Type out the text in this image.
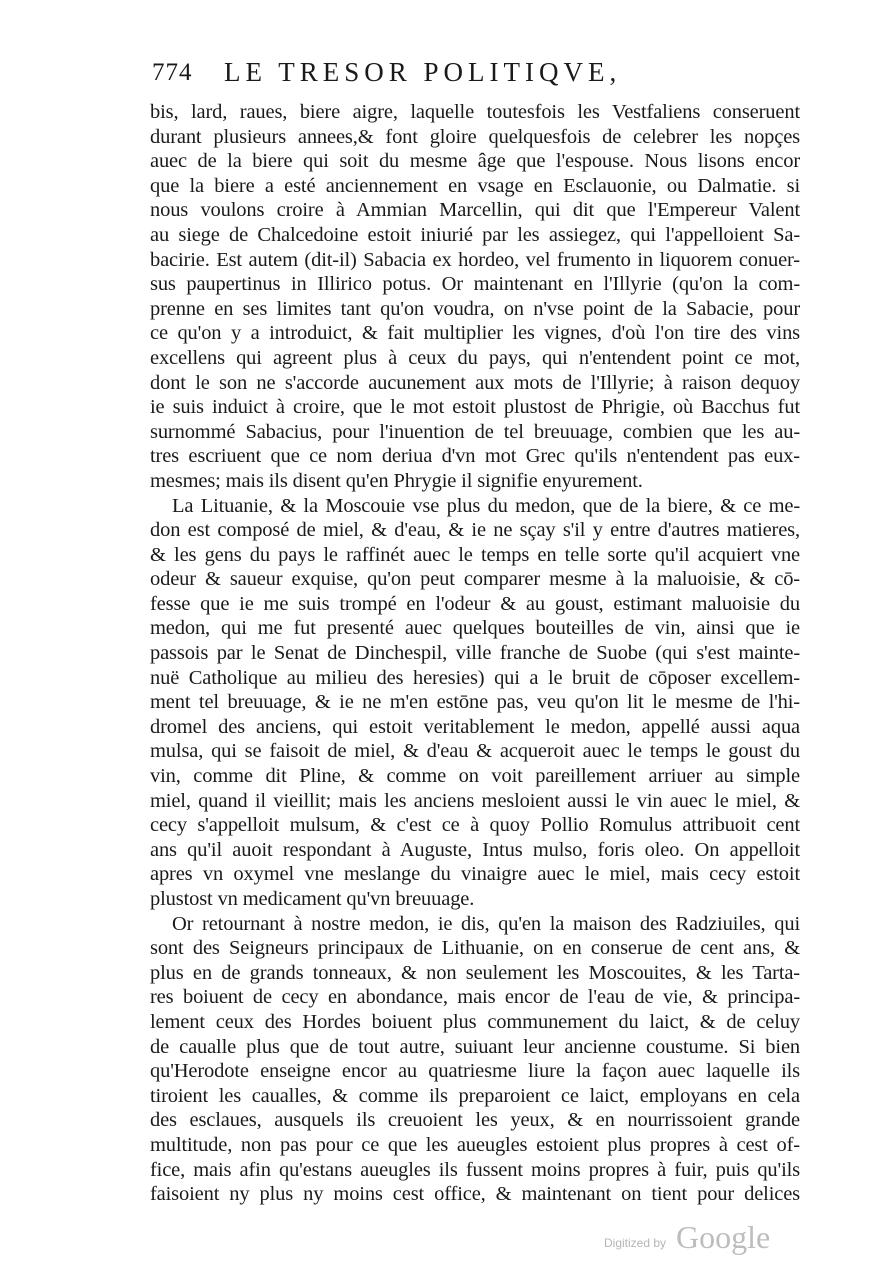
774 LE TRESOR POLITIQVE,
bis, lard, raues, biere aigre, laquelle toutesfois les Vestfaliens conseruent
durant plusieurs annees,& font gloire quelquesfois de celebrer les nopçes
auec de la biere qui soit du mesme âge que l'espouse. Nous lisons encor
que la biere a esté anciennement en vsage en Esclauonie, ou Dalmatie. si
nous voulons croire à Ammian Marcellin, qui dit que l'Empereur Valent
au siege de Chalcedoine estoit iniurié par les assiegez, qui l'appelloient Sa-
bacirie. Est autem (dit-il) Sabacia ex hordeo, vel frumento in liquorem conuer-
sus paupertinus in Illirico potus. Or maintenant en l'Illyrie (qu'on la com-
prenne en ses limites tant qu'on voudra, on n'vse point de la Sabacie, pour
ce qu'on y a introduict, & fait multiplier les vignes, d'où l'on tire des vins
excellens qui agreent plus à ceux du pays, qui n'entendent point ce mot,
dont le son ne s'accorde aucunement aux mots de l'Illyrie; à raison dequoy
ie suis induict à croire, que le mot estoit plustost de Phrigie, où Bacchus fut
surnommé Sabacius, pour l'inuention de tel breuuage, combien que les au-
tres escriuent que ce nom deriua d'vn mot Grec qu'ils n'entendent pas eux-
mesmes; mais ils disent qu'en Phrygie il signifie enyurement.
La Lituanie, & la Moscouie vse plus du medon, que de la biere, & ce me-
don est composé de miel, & d'eau, & ie ne sçay s'il y entre d'autres matieres,
& les gens du pays le raffinét auec le temps en telle sorte qu'il acquiert vne
odeur & saueur exquise, qu'on peut comparer mesme à la maluoisie, & cō-
fesse que ie me suis trompé en l'odeur & au goust, estimant maluoisie du
medon, qui me fut presenté auec quelques bouteilles de vin, ainsi que ie
passois par le Senat de Dinchespil, ville franche de Suobe (qui s'est mainte-
nuë Catholique au milieu des heresies) qui a le bruit de cōposer excellem-
ment tel breuuage, & ie ne m'en estōne pas, veu qu'on lit le mesme de l'hi-
dromel des anciens, qui estoit veritablement le medon, appellé aussi aqua
mulsa, qui se faisoit de miel, & d'eau & acqueroit auec le temps le goust du
vin, comme dit Pline, & comme on voit pareillement arriuer au simple
miel, quand il vieillit; mais les anciens mesloient aussi le vin auec le miel, &
cecy s'appelloit mulsum, & c'est ce à quoy Pollio Romulus attribuoit cent
ans qu'il auoit respondant à Auguste, Intus mulso, foris oleo. On appelloit
apres vn oxymel vne meslange du vinaigre auec le miel, mais cecy estoit
plustost vn medicament qu'vn breuuage.
Or retournant à nostre medon, ie dis, qu'en la maison des Radziuiles, qui
sont des Seigneurs principaux de Lithuanie, on en conserue de cent ans, &
plus en de grands tonneaux, & non seulement les Moscouites, & les Tarta-
res boiuent de cecy en abondance, mais encor de l'eau de vie, & principa-
lement ceux des Hordes boiuent plus communement du laict, & de celuy
de caualle plus que de tout autre, suiuant leur ancienne coustume. Si bien
qu'Herodote enseigne encor au quatriesme liure la façon auec laquelle ils
tiroient les caualles, & comme ils preparoient ce laict, employans en cela
des esclaues, ausquels ils creuoient les yeux, & en nourrissoient grande
multitude, non pas pour ce que les aueugles estoient plus propres à cest of-
fice, mais afin qu'estans aueugles ils fussent moins propres à fuir, puis qu'ils
faisoient ny plus ny moins cest office, & maintenant on tient pour delices
Digitized by Google
